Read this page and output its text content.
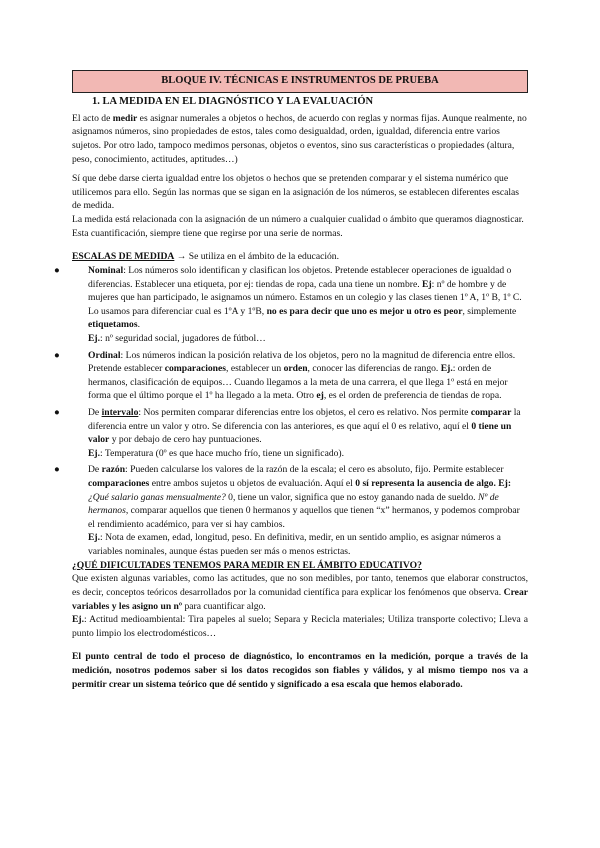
BLOQUE IV. TÉCNICAS E INSTRUMENTOS DE PRUEBA
1. LA MEDIDA EN EL DIAGNÓSTICO Y LA EVALUACIÓN

El acto de medir es asignar numerales a objetos o hechos, de acuerdo con reglas y normas fijas. Aunque realmente, no asignamos números, sino propiedades de estos, tales como desigualdad, orden, igualdad, diferencia entre varios sujetos. Por otro lado, tampoco medimos personas, objetos o eventos, sino sus características o propiedades (altura, peso, conocimiento, actitudes, aptitudes…)

Sí que debe darse cierta igualdad entre los objetos o hechos que se pretenden comparar y el sistema numérico que utilicemos para ello. Según las normas que se sigan en la asignación de los números, se establecen diferentes escalas de medida.

La medida está relacionada con la asignación de un número a cualquier cualidad o ámbito que queramos diagnosticar. Esta cuantificación, siempre tiene que regirse por una serie de normas.

ESCALAS DE MEDIDA → Se utiliza en el ámbito de la educación.

●	Nominal: Los números solo identifican y clasifican los objetos. Pretende establecer operaciones de igualdad o diferencias. Establecer una etiqueta, por ej: tiendas de ropa, cada una tiene un nombre. Ej: nº de hombre y de mujeres que han participado, le asignamos un número. Estamos en un colegio y las clases tienen 1º A, 1º B, 1º C. Lo usamos para diferenciar cual es 1ºA y 1ºB, no es para decir que uno es mejor u otro es peor, simplemente etiquetamos.

Ej.: nº seguridad social, jugadores de fútbol…

●	Ordinal: Los números indican la posición relativa de los objetos, pero no la magnitud de diferencia entre ellos. Pretende establecer comparaciones, establecer un orden, conocer las diferencias de rango. Ej.: orden de hermanos, clasificación de equipos… Cuando llegamos a la meta de una carrera, el que llega 1º está en mejor forma que el último porque el 1º ha llegado a la meta. Otro ej, es el orden de preferencia de tiendas de ropa.
●	De intervalo: Nos permiten comparar diferencias entre los objetos, el cero es relativo. Nos permite comparar la diferencia entre un valor y otro. Se diferencia con las anteriores, es que aquí el 0 es relativo, aquí el 0 tiene un valor y por debajo de cero hay puntuaciones.

Ej.: Temperatura (0º es que hace mucho frío, tiene un significado).

●	De razón: Pueden calcularse los valores de la razón de la escala; el cero es absoluto, fijo. Permite establecer comparaciones entre ambos sujetos u objetos de evaluación. Aquí el 0 sí representa la ausencia de algo. Ej: ¿Qué salario ganas mensualmente? 0, tiene un valor, significa que no estoy ganando nada de sueldo. Nº de hermanos, comparar aquellos que tienen 0 hermanos y aquellos que tienen “x” hermanos, y podemos comprobar el rendimiento académico, para ver si hay cambios.

Ej.: Nota de examen, edad, longitud, peso. En definitiva, medir, en un sentido amplio, es asignar números a variables nominales, aunque éstas pueden ser más o menos estrictas.

¿QUÉ DIFICULTADES TENEMOS PARA MEDIR EN EL ÁMBITO EDUCATIVO?

Que existen algunas variables, como las actitudes, que no son medibles, por tanto, tenemos que elaborar constructos, es decir, conceptos teóricos desarrollados por la comunidad científica para explicar los fenómenos que observa. Crear variables y les asigno un nº para cuantificar algo.

Ej.: Actitud medioambiental: Tira papeles al suelo; Separa y Recicla materiales; Utiliza transporte colectivo; Lleva a punto limpio los electrodomésticos…

El punto central de todo el proceso de diagnóstico, lo encontramos en la medición, porque a través de la medición, nosotros podemos saber si los datos recogidos son fiables y válidos, y al mismo tiempo nos va a permitir crear un sistema teórico que dé sentido y significado a esa escala que hemos elaborado.
